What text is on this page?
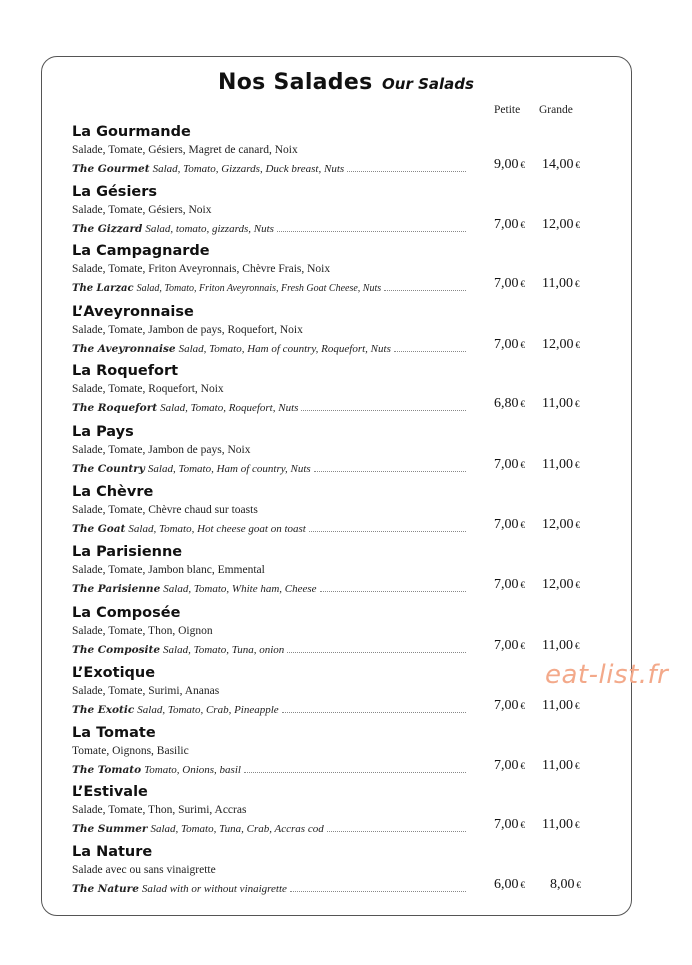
Nos Salades Our Salads
Petite Grande
La Gourmande
Salade, Tomate, Gésiers, Magret de canard, Noix
The Gourmet Salad, Tomato, Gizzards, Duck breast, Nuts	9,00 € 14,00 €
La Gésiers
Salade, Tomate, Gésiers, Noix
The Gizzard Salad, tomato, gizzards, Nuts	7,00 € 12,00 €
La Campagnarde
Salade, Tomate, Friton Aveyronnais, Chèvre Frais, Noix
The Larzac Salad, Tomato, Friton Aveyronnais, Fresh Goat Cheese, Nuts	7,00 € 11,00 €
L’Aveyronnaise
Salade, Tomate, Jambon de pays, Roquefort, Noix
The Aveyronnaise Salad, Tomato, Ham of country, Roquefort, Nuts	7,00 € 12,00 €
La Roquefort
Salade, Tomate, Roquefort, Noix
The Roquefort Salad, Tomato, Roquefort, Nuts	6,80 € 11,00 €
La Pays
Salade, Tomate, Jambon de pays, Noix
The Country Salad, Tomato, Ham of country, Nuts	7,00 € 11,00 €
La Chèvre
Salade, Tomate, Chèvre chaud sur toasts
The Goat Salad, Tomato, Hot cheese goat on toast	7,00 € 12,00 €
La Parisienne
Salade, Tomate, Jambon blanc, Emmental
The Parisienne Salad, Tomato, White ham, Cheese	7,00 € 12,00 €
La Composée
Salade, Tomate, Thon, Oignon
The Composite Salad, Tomato, Tuna, onion	7,00 € 11,00 €
L’Exotique
Salade, Tomate, Surimi, Ananas
The Exotic Salad, Tomato, Crab, Pineapple	7,00 € 11,00 €
La Tomate
Tomate, Oignons, Basilic
The Tomato Tomato, Onions, basil	7,00 € 11,00 €
L’Estivale
Salade, Tomate, Thon, Surimi, Accras
The Summer Salad, Tomato, Tuna, Crab, Accras cod	7,00 € 11,00 €
La Nature
Salade avec ou sans vinaigrette
The Nature Salad with or without vinaigrette	6,00 € 8,00 €
eat-list.fr
